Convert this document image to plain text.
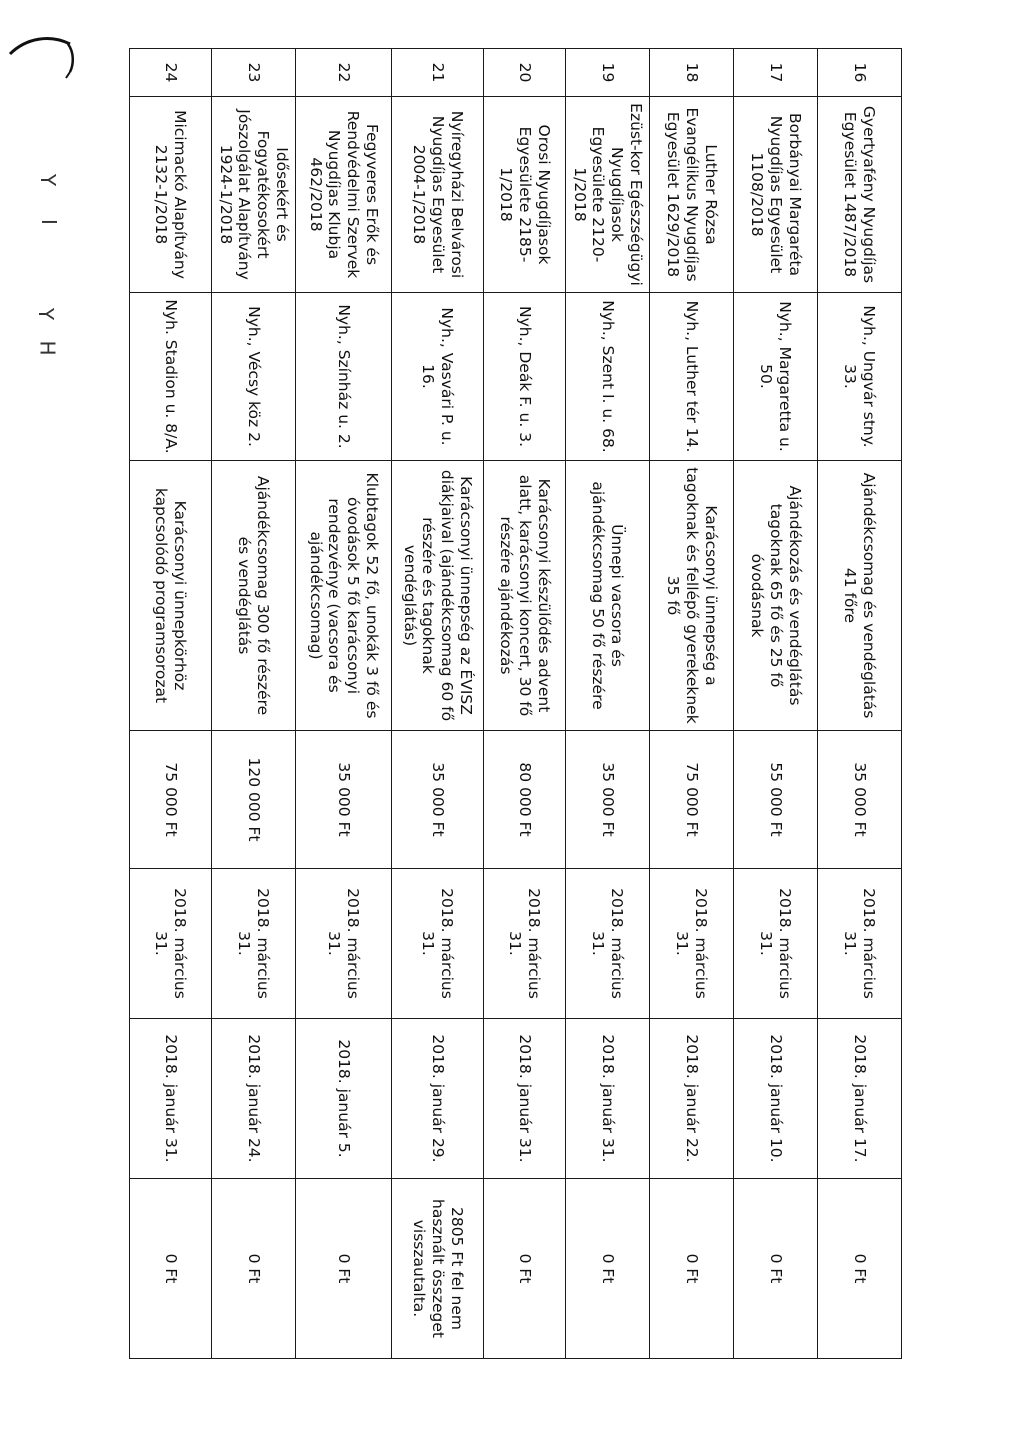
Y
I
Y
H
16	Gyertyafény Nyugdíjas Egyesület 1487/2018	Nyh., Ungvár stny. 33.	Ajándékcsomag és vendéglátás 41 főre	35 000 Ft	2018. március 31.	2018. január 17.	0 Ft
17	Borbányai Margaréta Nyugdíjas Egyesület 1108/2018	Nyh., Margaretta u. 50.	Ajándékozás és vendéglátás tagoknak 65 fő és 25 fő óvodásnak	55 000 Ft	2018. március 31.	2018. január 10.	0 Ft
18	Luther Rózsa Evangélikus Nyugdíjas Egyesület 1629/2018	Nyh., Luther tér 14.	Karácsonyi ünnepség a tagoknak és fellépő gyerekeknek 35 fő	75 000 Ft	2018. március 31.	2018. január 22.	0 Ft
19	Ezüst-kor Egészségügyi Nyugdíjasok Egyesülete 2120-1/2018	Nyh., Szent I. u. 68.	Ünnepi vacsora és ajándékcsomag 50 fő részére	35 000 Ft	2018. március 31.	2018. január 31.	0 Ft
20	Orosi Nyugdíjasok Egyesülete 2185-1/2018	Nyh., Deák F. u. 3.	Karácsonyi készülődés advent alatt, karácsonyi koncert, 30 fő részére ajándékozás	80 000 Ft	2018. március 31.	2018. január 31.	0 Ft
21	Nyíregyházi Belvárosi Nyugdíjas Egyesület 2004-1/2018	Nyh., Vasvári P. u. 16.	Karácsonyi ünnepség az ÉVISZ diákjaival (ajándékcsomag 60 fő részére és tagoknak vendéglátás)	35 000 Ft	2018. március 31.	2018. január 29.	2805 Ft fel nem használt összeget visszautalta.
22	Fegyveres Erők és Rendvédelmi Szervek Nyugdíjas Klubja 462/2018	Nyh., Színház u. 2.	Klubtagok 52 fő, unokák 3 fő és óvodások 5 fő karácsonyi rendezvénye (vacsora és ajándékcsomag)	35 000 Ft	2018. március 31.	2018. január 5.	0 Ft
23	Idősekért és Fogyatékosokért Jószolgálat Alapítvány 1924-1/2018	Nyh., Vécsy köz 2.	Ajándékcsomag 300 fő részére és vendéglátás	120 000 Ft	2018. március 31.	2018. január 24.	0 Ft
24	Micimackó Alapítvány 2132-1/2018	Nyh. Stadion u. 8/A.	Karácsonyi ünnepkörhöz kapcsolódó programsorozat	75 000 Ft	2018. március 31.	2018. január 31.	0 Ft
